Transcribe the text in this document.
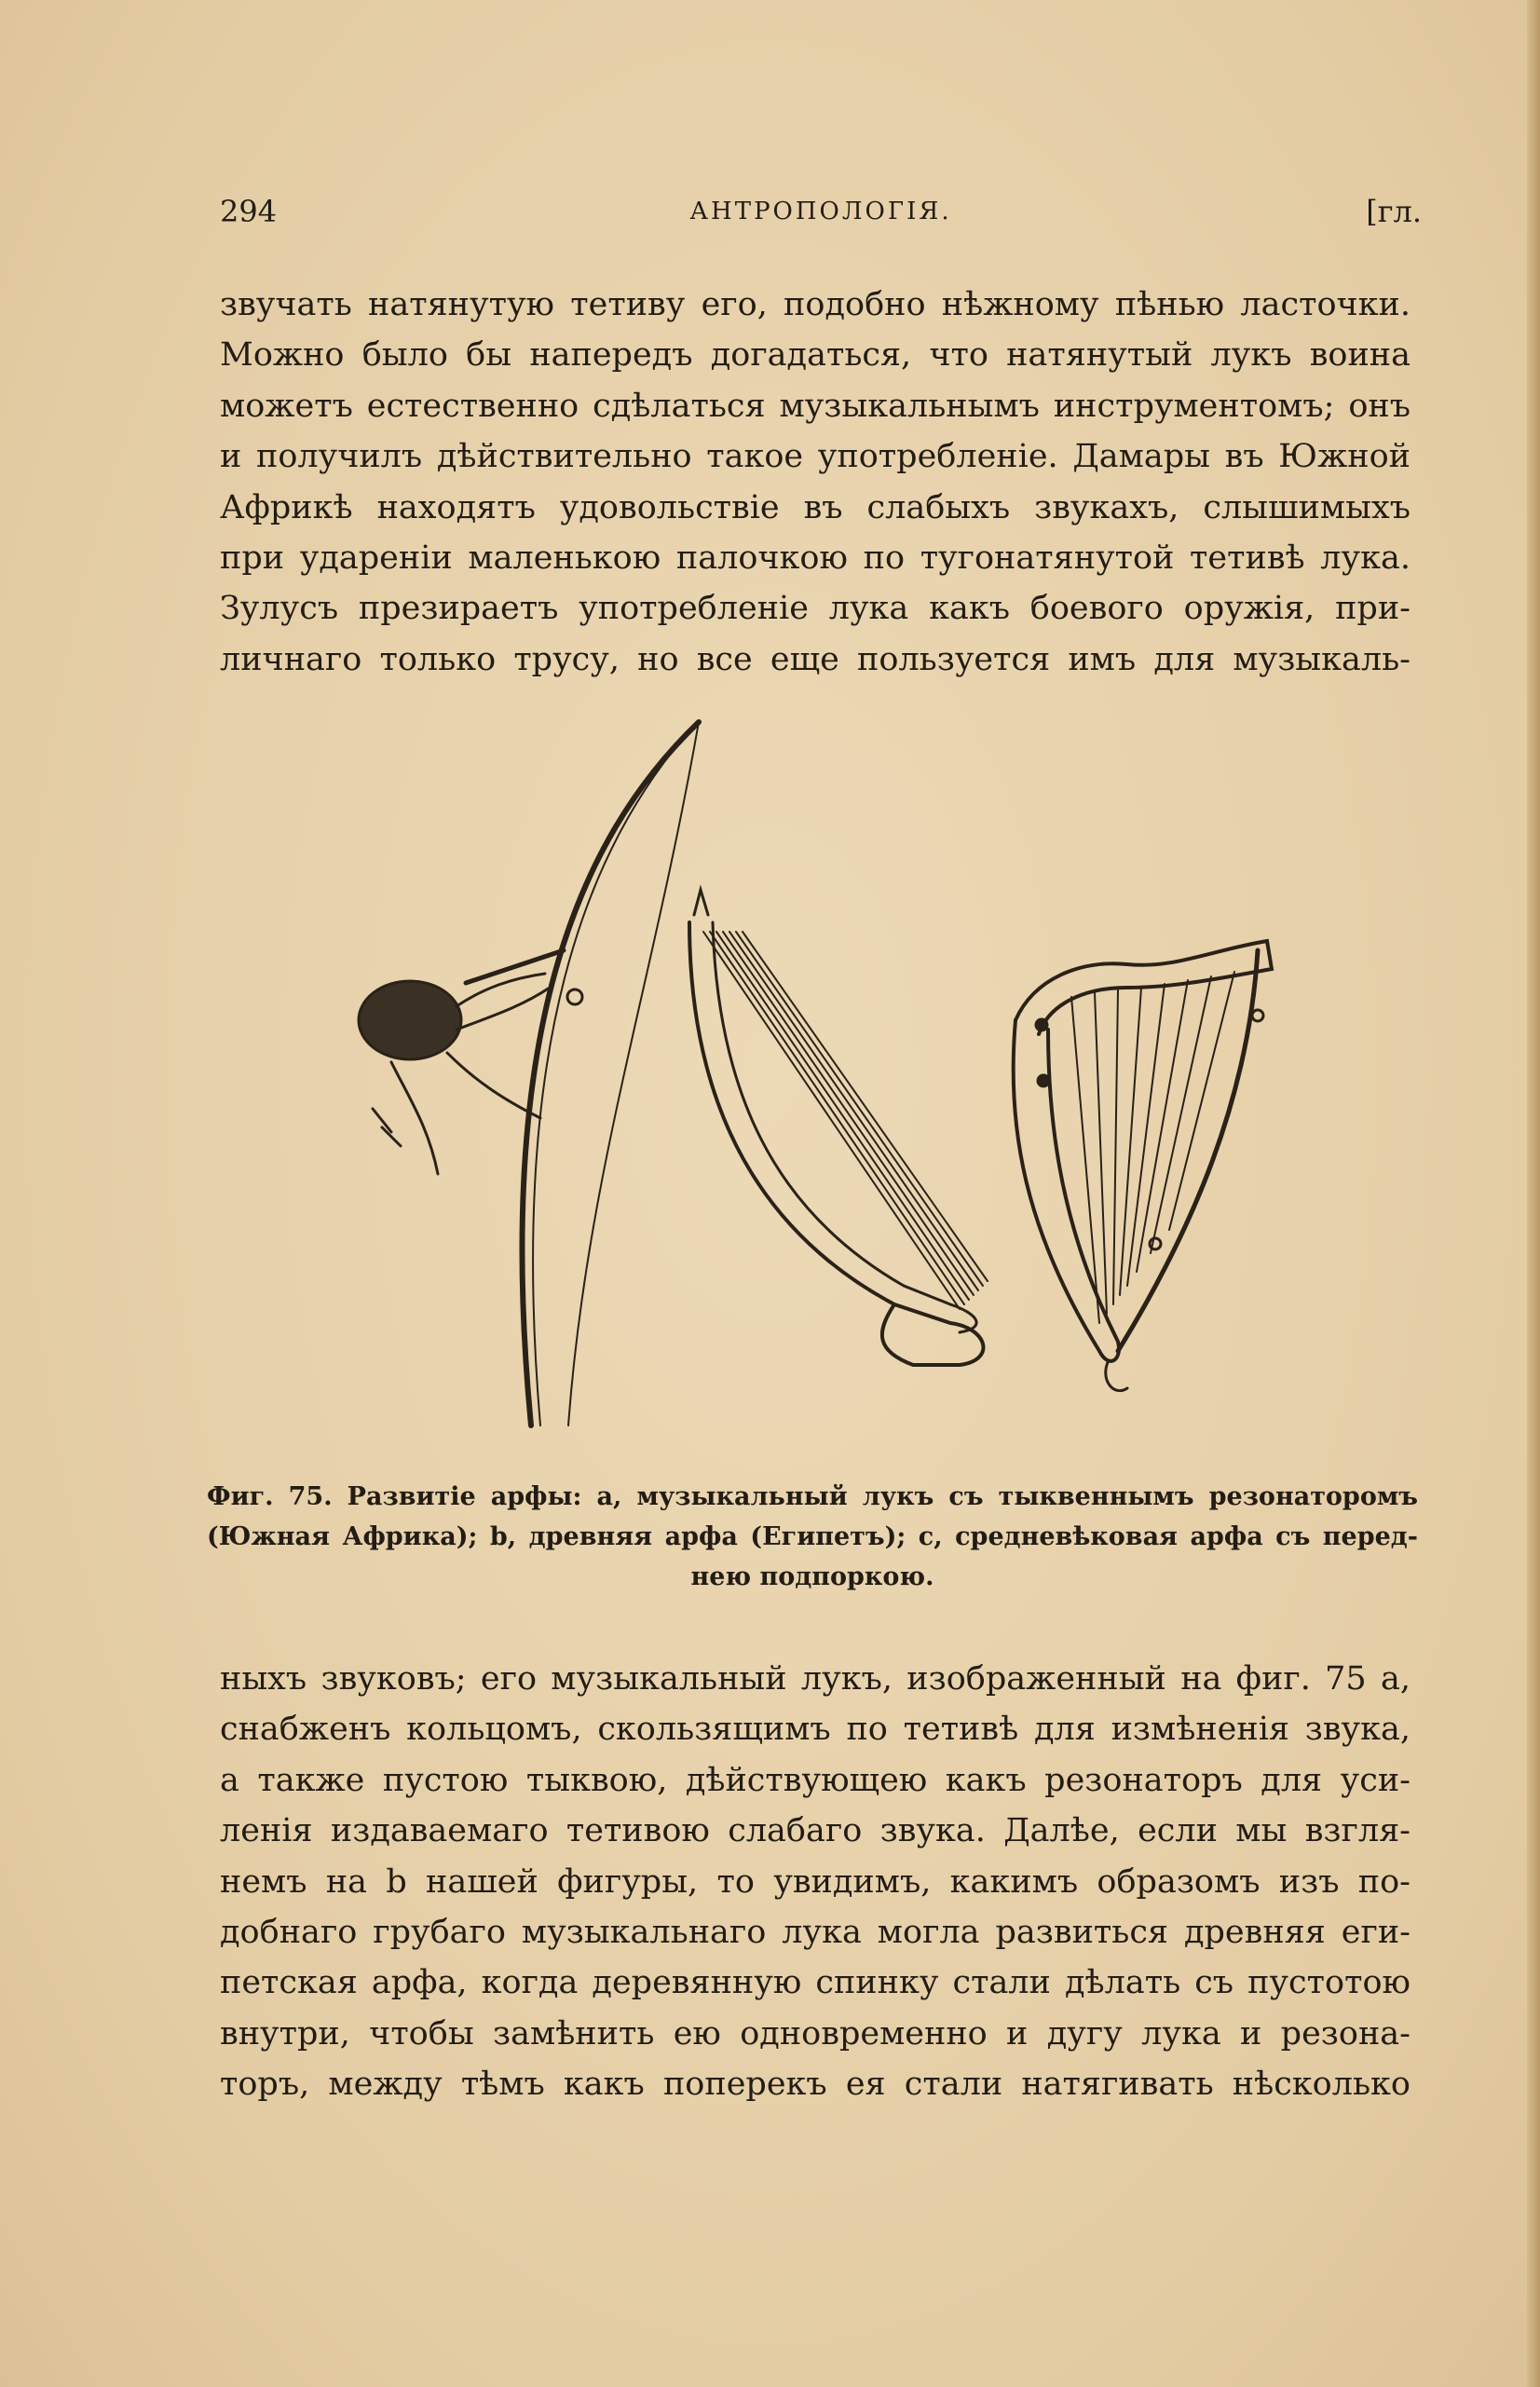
294	АНТРОПОЛОГІЯ.	[гл.
звучать натянутую тетиву его, подобно нѣжному пѣнью ласточки.
Можно было бы напередъ догадаться, что натянутый лукъ воина
можетъ естественно сдѣлаться музыкальнымъ инструментомъ; онъ
и получилъ дѣйствительно такое употребленіе. Дамары въ Южной
Африкѣ находятъ удовольствіе въ слабыхъ звукахъ, слышимыхъ
при удареніи маленькою палочкою по тугонатянутой тетивѣ лука.
Зулусъ презираетъ употребленіе лука какъ боевого оружія, при-
личнаго только трусу, но все еще пользуется имъ для музыкаль-
Фиг. 75. Развитіе арфы: a, музыкальный лукъ съ тыквеннымъ резонаторомъ
(Южная Африка); b, древняя арфа (Египетъ); c, средневѣковая арфа съ перед-
нею подпоркою.
ныхъ звуковъ; его музыкальный лукъ, изображенный на фиг. 75 a,
снабженъ кольцомъ, скользящимъ по тетивѣ для измѣненія звука,
а также пустою тыквою, дѣйствующею какъ резонаторъ для уси-
ленія издаваемаго тетивою слабаго звука. Далѣе, если мы взгля-
немъ на b нашей фигуры, то увидимъ, какимъ образомъ изъ по-
добнаго грубаго музыкальнаго лука могла развиться древняя еги-
петская арфа, когда деревянную спинку стали дѣлать съ пустотою
внутри, чтобы замѣнить ею одновременно и дугу лука и резона-
торъ, между тѣмъ какъ поперекъ ея стали натягивать нѣсколько
